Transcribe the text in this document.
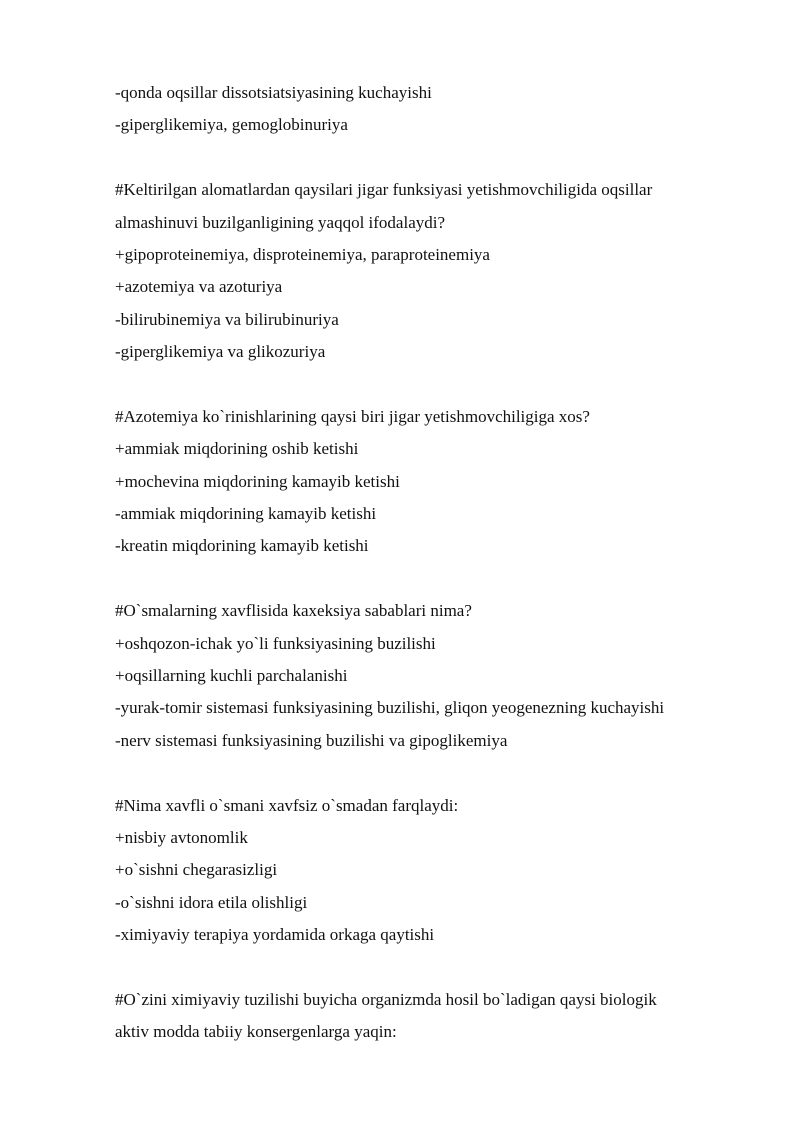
-qonda oqsillar dissotsiatsiyasining kuchayishi
-giperglikemiya, gemoglobinuriya
#Keltirilgan alomatlardan qaysilari jigar funksiyasi yetishmovchiligida oqsillar
almashinuvi buzilganligining yaqqol ifodalaydi?
+gipoproteinemiya, disproteinemiya, paraproteinemiya
+azotemiya va azoturiya
-bilirubinemiya va bilirubinuriya
-giperglikemiya va glikozuriya
#Azotemiya ko`rinishlarining qaysi biri jigar yetishmovchiligiga xos?
+ammiak miqdorining oshib ketishi
+mochevina miqdorining kamayib ketishi
-ammiak miqdorining kamayib ketishi
-kreatin miqdorining kamayib ketishi
#O`smalarning xavflisida kaxeksiya sabablari nima?
+oshqozon-ichak yo`li funksiyasining buzilishi
+oqsillarning kuchli parchalanishi
-yurak-tomir sistemasi funksiyasining buzilishi, gliqon yeogenezning kuchayishi
-nerv sistemasi funksiyasining buzilishi va gipoglikemiya
#Nima xavfli o`smani xavfsiz o`smadan farqlaydi:
+nisbiy avtonomlik
+o`sishni chegarasizligi
-o`sishni idora etila olishligi
-ximiyaviy terapiya yordamida orkaga qaytishi
#O`zini ximiyaviy tuzilishi buyicha organizmda hosil bo`ladigan qaysi biologik
aktiv modda tabiiy konsergenlarga yaqin:
